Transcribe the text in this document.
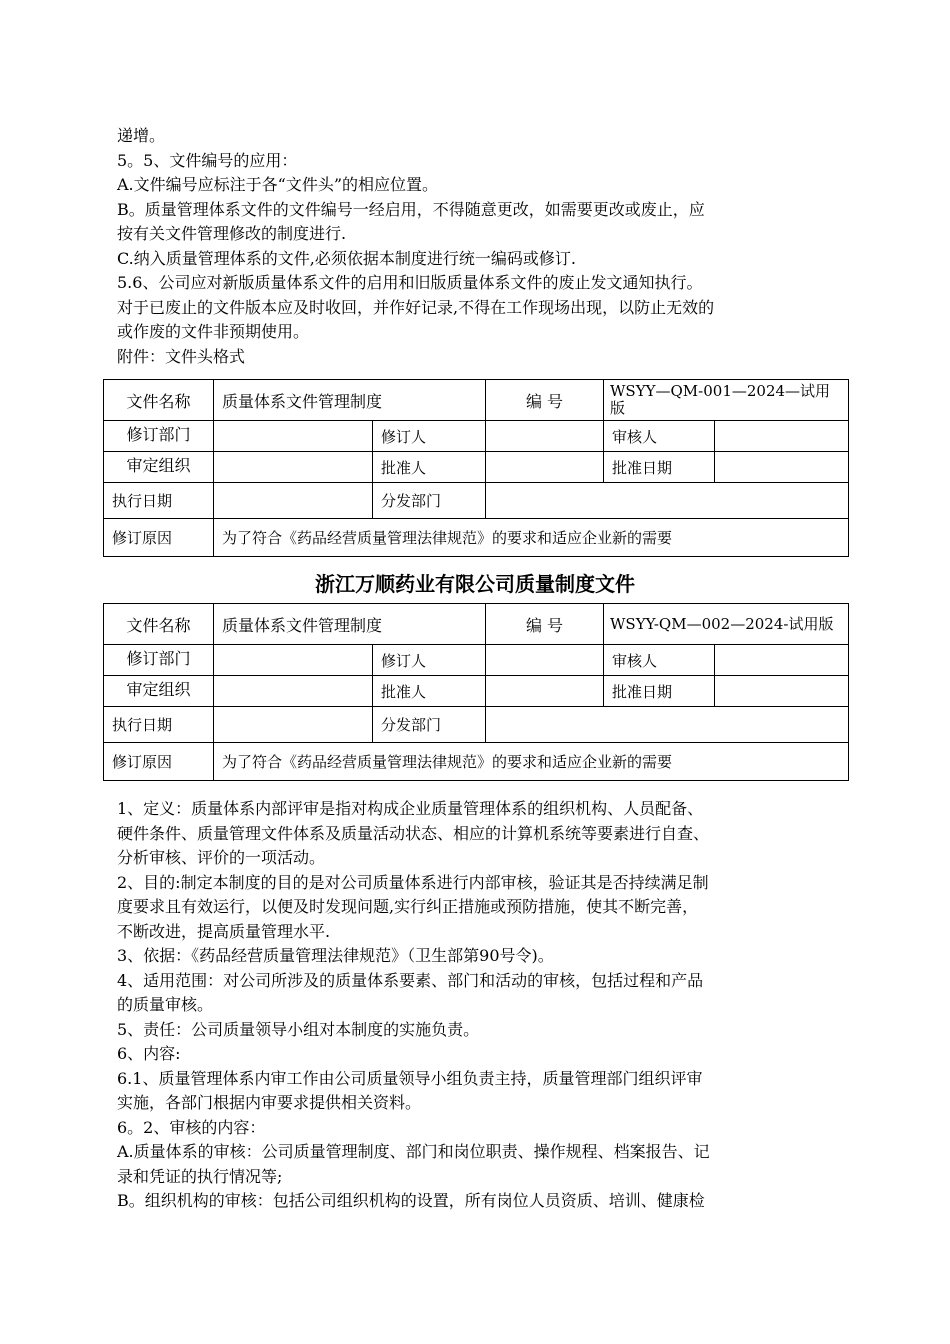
递增。
5。5、文件编号的应用：
A.文件编号应标注于各“文件头”的相应位置。
B。质量管理体系文件的文件编号一经启用，不得随意更改，如需要更改或废止，应
按有关文件管理修改的制度进行.
C.纳入质量管理体系的文件,必须依据本制度进行统一编码或修订.
5.6、公司应对新版质量体系文件的启用和旧版质量体系文件的废止发文通知执行。
对于已废止的文件版本应及时收回，并作好记录,不得在工作现场出现，以防止无效的
或作废的文件非预期使用。
附件：文件头格式
文件名称	质量体系文件管理制度		编 号	WSYY—QM-001—2024—试用版	
修订部门		修订人		审核人	
审定组织		批准人		批准日期	
执行日期		分发部门			
修订原因	为了符合《药品经营质量管理法律规范》的要求和适应企业新的需要				
浙江万顺药业有限公司质量制度文件
文件名称	质量体系文件管理制度		编 号	WSYY-QM—002—2024-试用版	
修订部门		修订人		审核人	
审定组织		批准人		批准日期	
执行日期		分发部门			
修订原因	为了符合《药品经营质量管理法律规范》的要求和适应企业新的需要				
1、定义：质量体系内部评审是指对构成企业质量管理体系的组织机构、人员配备、
硬件条件、质量管理文件体系及质量活动状态、相应的计算机系统等要素进行自查、
分析审核、评价的一项活动。
2、目的:制定本制度的目的是对公司质量体系进行内部审核，验证其是否持续满足制
度要求且有效运行，以便及时发现问题,实行纠正措施或预防措施，使其不断完善，
不断改进，提高质量管理水平.
3、依据：《药品经营质量管理法律规范》（卫生部第90号令)。
4、适用范围：对公司所涉及的质量体系要素、部门和活动的审核，包括过程和产品
的质量审核。
5、责任：公司质量领导小组对本制度的实施负责。
6、内容:
6.1、质量管理体系内审工作由公司质量领导小组负责主持，质量管理部门组织评审
实施，各部门根据内审要求提供相关资料。
6。2、审核的内容：
A.质量体系的审核：公司质量管理制度、部门和岗位职责、操作规程、档案报告、记
录和凭证的执行情况等;
B。组织机构的审核：包括公司组织机构的设置，所有岗位人员资质、培训、健康检
